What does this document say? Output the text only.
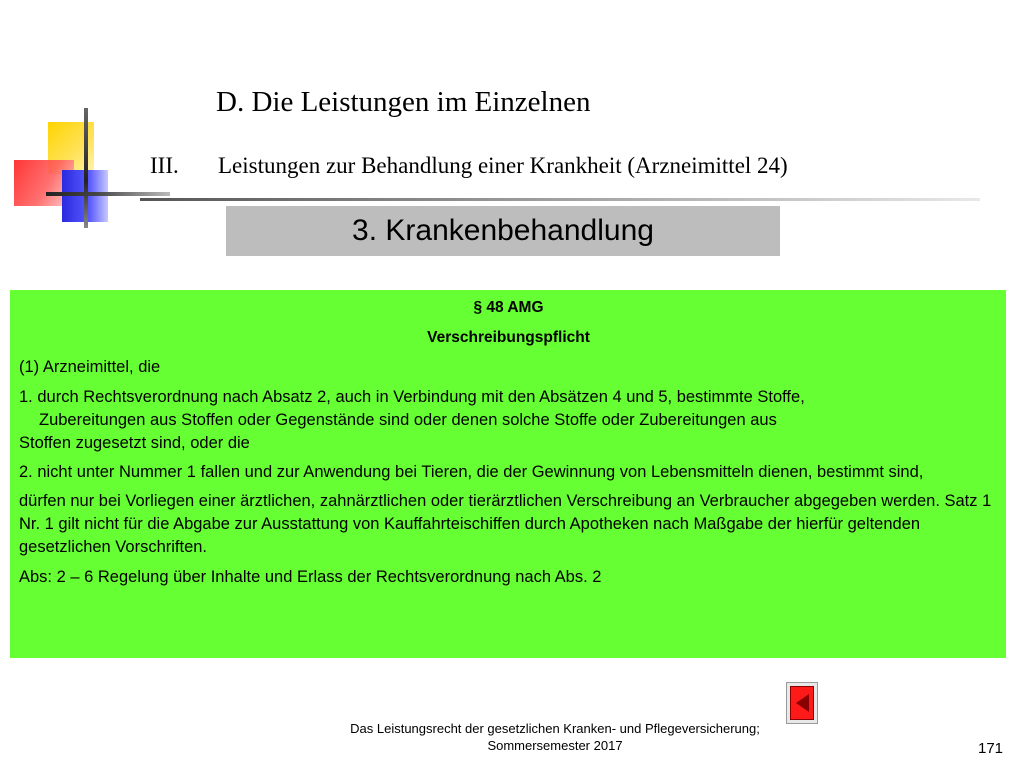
D. Die Leistungen im Einzelnen
III. Leistungen zur Behandlung einer Krankheit (Arzneimittel 24)
3. Krankenbehandlung

§ 48 AMG

Verschreibungspflicht

(1) Arzneimittel, die

1. durch Rechtsverordnung nach Absatz 2, auch in Verbindung mit den Absätzen 4 und 5, bestimmte Stoffe,
Zubereitungen aus Stoffen oder Gegenstände sind oder denen solche Stoffe oder Zubereitungen aus
Stoffen zugesetzt sind, oder die

2. nicht unter Nummer 1 fallen und zur Anwendung bei Tieren, die der Gewinnung von Lebensmitteln dienen, bestimmt sind,

dürfen nur bei Vorliegen einer ärztlichen, zahnärztlichen oder tierärztlichen Verschreibung an Verbraucher abgegeben werden. Satz 1 Nr. 1 gilt nicht für die Abgabe zur Ausstattung von Kauffahrteischiffen durch Apotheken nach Maßgabe der hierfür geltenden gesetzlichen Vorschriften.

Abs: 2 – 6 Regelung über Inhalte und Erlass der Rechtsverordnung nach Abs. 2

Das Leistungsrecht der gesetzlichen Kranken- und Pflegeversicherung;
Sommersemester 2017	171
